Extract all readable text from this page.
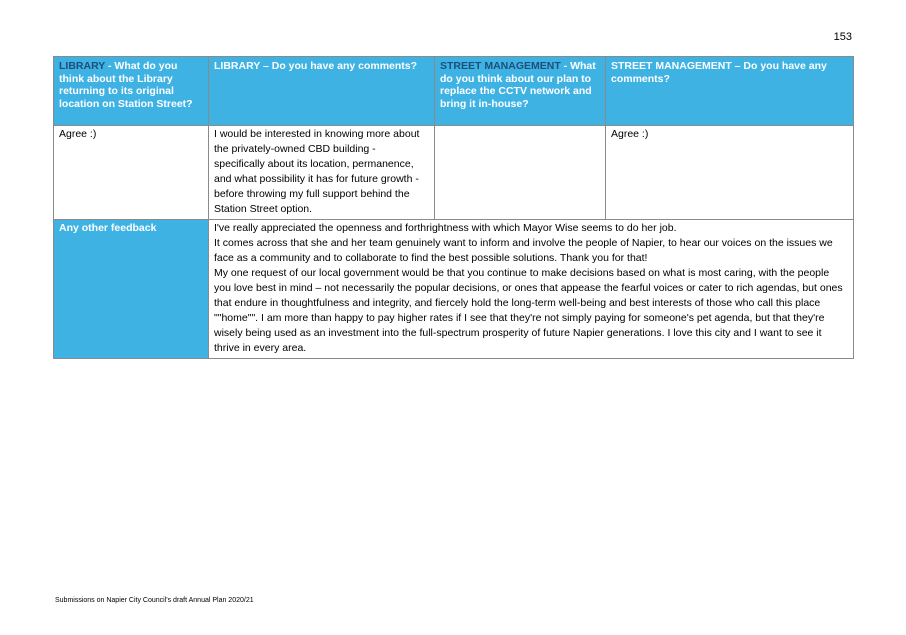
153
LIBRARY - What do you think about the Library returning to its original location on Station Street?	LIBRARY – Do you have any comments?	STREET MANAGEMENT - What do you think about our plan to replace the CCTV network and bring it in-house?	STREET MANAGEMENT – Do you have any comments?
Agree :)	I would be interested in knowing more about the privately-owned CBD building - specifically about its location, permanence, and what possibility it has for future growth - before throwing my full support behind the Station Street option.		Agree :)
Any other feedback	I've really appreciated the openness and forthrightness with which Mayor Wise seems to do her job.
It comes across that she and her team genuinely want to inform and involve the people of Napier, to hear our voices on the issues we face as a community and to collaborate to find the best possible solutions. Thank you for that!
My one request of our local government would be that you continue to make decisions based on what is most caring, with the people you love best in mind – not necessarily the popular decisions, or ones that appease the fearful voices or cater to rich agendas, but ones that endure in thoughtfulness and integrity, and fiercely hold the long-term well-being and best interests of those who call this place ""home"". I am more than happy to pay higher rates if I see that they're not simply paying for someone's pet agenda, but that they're wisely being used as an investment into the full-spectrum prosperity of future Napier generations. I love this city and I want to see it thrive in every area.		
Submissions on Napier City Council's draft Annual Plan 2020/21
